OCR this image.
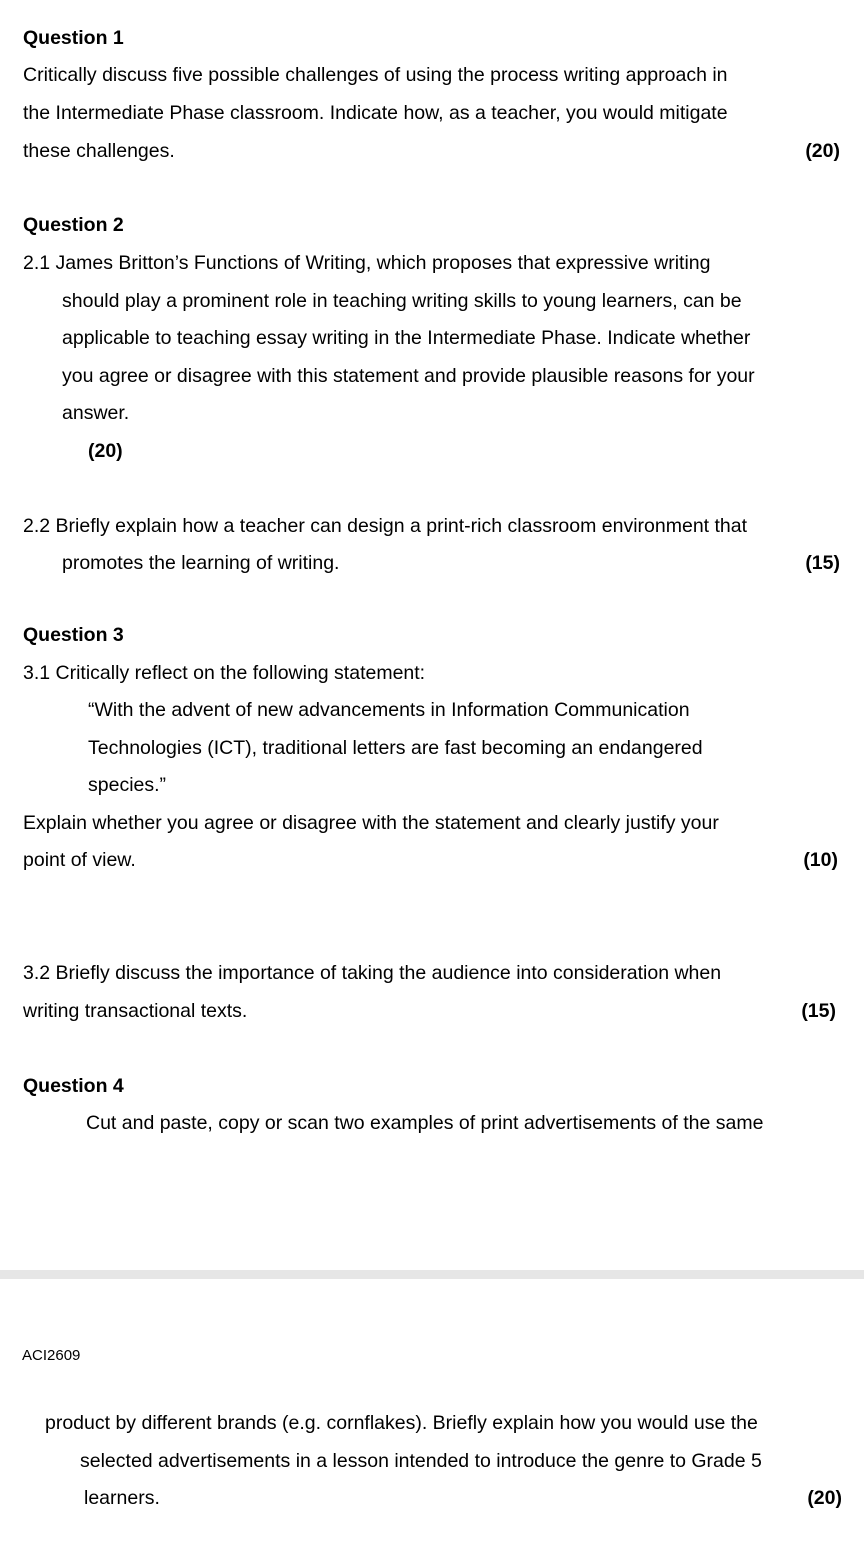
Question 1
Critically discuss five possible challenges of using the process writing approach in
the Intermediate Phase classroom. Indicate how, as a teacher, you would mitigate
these challenges.	(20)
Question 2
2.1 James Britton’s Functions of Writing, which proposes that expressive writing
should play a prominent role in teaching writing skills to young learners, can be
applicable to teaching essay writing in the Intermediate Phase. Indicate whether
you agree or disagree with this statement and provide plausible reasons for your
answer.
(20)
2.2 Briefly explain how a teacher can design a print-rich classroom environment that
promotes the learning of writing.	(15)
Question 3
3.1 Critically reflect on the following statement:
“With the advent of new advancements in Information Communication
Technologies (ICT), traditional letters are fast becoming an endangered
species.”
Explain whether you agree or disagree with the statement and clearly justify your
point of view.	(10)
3.2 Briefly discuss the importance of taking the audience into consideration when
writing transactional texts.	(15)
Question 4
Cut and paste, copy or scan two examples of print advertisements of the same
ACI2609
product by different brands (e.g. cornflakes). Briefly explain how you would use the
selected advertisements in a lesson intended to introduce the genre to Grade 5
learners.	(20)
